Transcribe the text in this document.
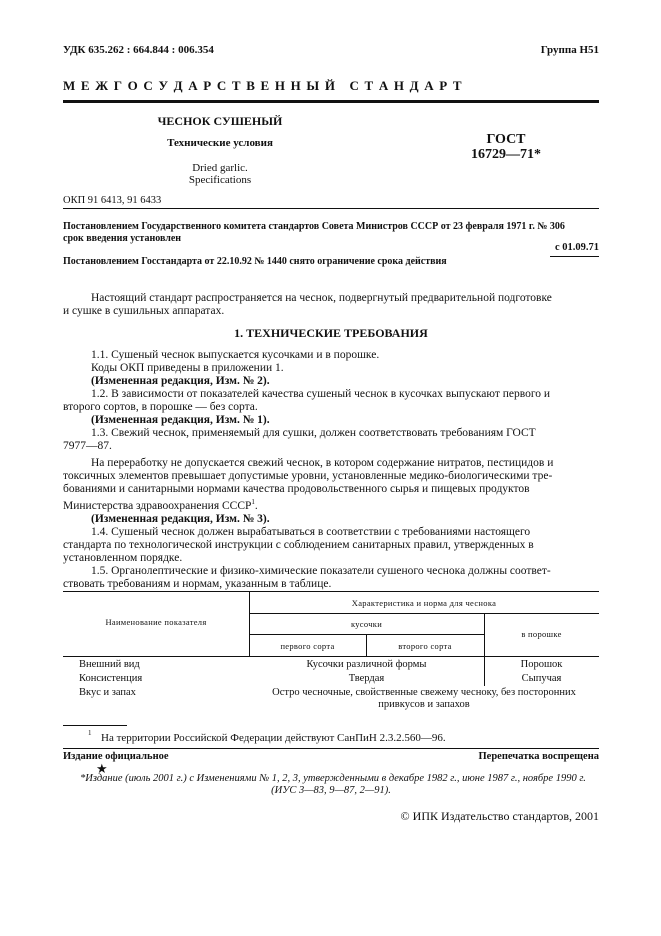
УДК 635.262 : 664.844 : 006.354	Группа Н51
М Е Ж Г О С У Д А Р С Т В Е Н Н Ы Й   С Т А Н Д А Р Т
ЧЕСНОК СУШЕНЫЙ
Технические условия
Dried garlic.
Specifications
ГОСТ
16729—71*
ОКП 91 6413, 91 6433
Постановлением Государственного комитета стандартов Совета Министров СССР от 23 февраля 1971 г. № 306
срок введения установлен
с 01.09.71
Постановлением Госстандарта от 22.10.92 № 1440 снято ограничение срока действия

Настоящий стандарт распространяется на чеснок, подвергнутый предварительной подготовке

и сушке в сушильных аппаратах.

1. ТЕХНИЧЕСКИЕ ТРЕБОВАНИЯ

1.1. Сушеный чеснок выпускается кусочками и в порошке.

Коды ОКП приведены в приложении 1.

(Измененная редакция, Изм. № 2).

1.2. В зависимости от показателей качества сушеный чеснок в кусочках выпускают первого и

второго сортов, в порошке — без сорта.

(Измененная редакция, Изм. № 1).

1.3. Свежий чеснок, применяемый для сушки, должен соответствовать требованиям ГОСТ

7977—87.

На переработку не допускается свежий чеснок, в котором содержание нитратов, пестицидов и

токсичных элементов превышает допустимые уровни, установленные медико-биологическими тре-

бованиями и санитарными нормами качества продовольственного сырья и пищевых продуктов

Министерства здравоохранения СССР$^1$.

(Измененная редакция, Изм. № 3).

1.4. Сушеный чеснок должен вырабатываться в соответствии с требованиями настоящего

стандарта по технологической инструкции с соблюдением санитарных правил, утвержденных в

установленном порядке.

1.5. Органолептические и физико-химические показатели сушеного чеснока должны соответ-

ствовать требованиям и нормам, указанным в таблице.

Наименование показателя
Характеристика и норма для чеснока
кусочки
первого сорта	второго сорта
в порошке
Внешний вид	Кусочки различной формы	Порошок
Консистенция	Твердая	Сыпучая
Вкус и запах	Остро чесночные, свойственные свежему чесноку, без посторонних
привкусов и запахов
1 На территории Российской Федерации действуют СанПиН 2.3.2.560—96.
Издание официальное	Перепечатка воспрещена
★
*Издание (июль 2001 г.) с Изменениями № 1, 2, 3, утвержденными в декабре 1982 г., июне 1987 г., ноябре 1990 г.
(ИУС 3—83, 9—87, 2—91).
© ИПК Издательство стандартов, 2001
